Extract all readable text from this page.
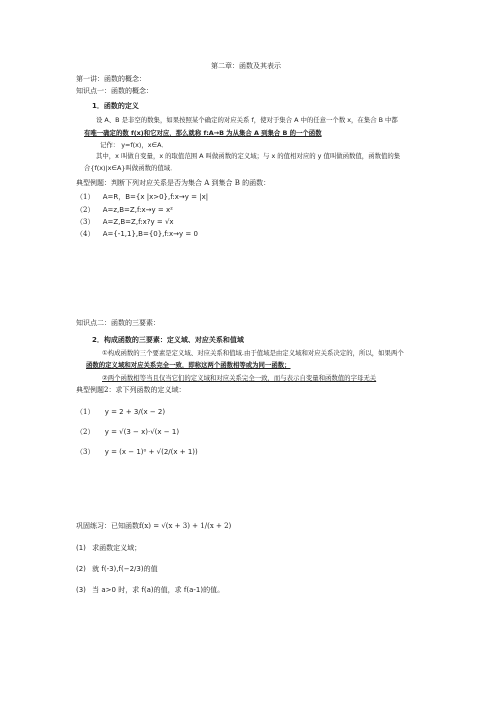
第二章：函数及其表示
第一讲：函数的概念：
知识点一：函数的概念：
1．函数的定义
设 A、B 是非空的数集，如果按照某个确定的对应关系 f，使对于集合 A 中的任意一个数 x，在集合 B 中都
有唯一确定的数 f(x)和它对应，那么就称 f:A→B 为从集合 A 到集合 B 的一个函数
记作： y=f(x)，x∈A．
其中，x 叫做自变量，x 的取值范围 A 叫做函数的定义域；与 x 的值相对应的 y 值叫做函数值，函数值的集
合{f(x)|x∈A}叫做函数的值域．
典型例题：判断下列对应关系是否为集合 A 到集合 B 的函数：
（1） A=R，B={x |x>0},f:x→y = |x|
（2） A=z,B=Z,f:x→y = x²
（3） A=Z,B=Z,f:x?y = √x
（4） A={-1,1},B={0},f:x→y = 0
知识点二：函数的三要素：
2．构成函数的三要素：定义域、对应关系和值域
①构成函数的三个要素是定义域、对应关系和值域.由于值域是由定义域和对应关系决定的，所以，如果两个
函数的定义域和对应关系完全一致，即称这两个函数相等或为同一函数；
②两个函数相等当且仅当它们的定义域和对应关系完全一致，而与表示自变量和函数值的字母无关
典型例题2：求下列函数的定义域：
（1） y = 2 + 3/(x − 2)
（2） y = √(3 − x)·√(x − 1)
（3） y = (x − 1)⁰ + √(2/(x + 1))
巩固练习：已知函数f(x) = √(x + 3) + 1/(x + 2)
(1) 求函数定义域；
(2) 就 f(-3),f(−2/3)的值
(3) 当 a>0 时，求 f(a)的值，求 f(a-1)的值。
